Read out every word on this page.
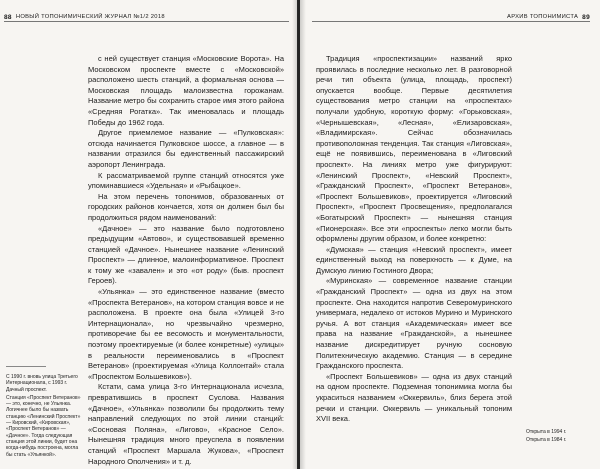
88 НОВЫЙ ТОПОНИМИЧЕСКИЙ ЖУРНАЛ №1/2 2018

с ней существует станция «Московские Ворота». На Московском проспекте вместе с «Московской» расположено шесть станций, а формальная основа — Московская площадь малоизвестна горожанам. Название метро бы сохранить старое имя этого района «Средняя Рогатка». Так именовалась и площадь Победы до 1962 года.

Другое приемлемое название — «Пулковская»: отсюда начинается Пулковское шоссе, а главное — в названии отразился бы единственный пассажирский аэропорт Ленинграда.

К рассматриваемой группе станций относятся уже упоминавшиеся «Удельная» и «Рыбацкое».

На этом перечень топонимов, образованных от городских районов кончается, хотя он должен был бы продолжиться рядом наименований:

«Дачное» — это название было подготовлено предыдущим «Автово», и существовавшей временно станцией «Дачное». Нынешнее название «Ленинский Проспект» — длинное, малоинформативное. Проспект к тому же «завален» и это «от роду» (быв. проспект Героев).

«Ульянка» — это единственное название (вместо «Проспекта Ветеранов», на котором станция вовсе и не расположена. В проекте она была «Улицей 3-го Интернационала», но чрезвычайно чрезмерно, противоречие бы ее весомость и монументальности, поэтому проектируемые (и более конкретные) «улицы» в реальности переименовались в «Проспект Ветеранов» (проектируемая «Улица Коллонтай» стала «Проспектом Большевиков»).

Кстати, сама улица 3-го Интернационала исчезла, превратившись в проспект Суслова. Названия «Дачное», «Ульянка» позволили бы продолжить тему направлений следующих по этой линии станций: «Сосновая Поляна», «Лигово», «Красное Село». Нынешняя традиция много преуспела в появлении станций «Проспект Маршала Жукова», «Проспект Народного Ополчения» и т. д.

С 1990 г. вновь улица Третьего Интернационала, с 1993 г. Дачный проспект.

Станция «Проспект Ветеранов» — это, конечно, не Ульянка. Логичнее было бы назвать станцию «Ленинский Проспект» — Кировский, «Кировская», «Проспект Ветеранов» — «Дачное». Тогда следующая станция этой линии, будет она когда-нибудь построена, могла бы стать «Ульянкой».

АРХИВ ТОПОНИМИСТА 89

Традиция «проспектизации» названий ярко проявилась в последние несколько лет. В разговорной речи тип объекта (улица, площадь, проспект) опускается вообще. Первые десятилетия существования метро станции на «проспектах» получали удобную, короткую форму: «Горьковская», «Чернышевская», «Лесная», «Елизаровская», «Владимирская». Сейчас обозначилась противоположная тенденция. Так станция «Лиговская», ещё не появившись, переименована в «Лиговский проспект». На линиях метро уже фигурируют: «Ленинский Проспект», «Невский Проспект», «Гражданский Проспект», «Проспект Ветеранов», «Проспект Большевиков», проектируется «Лиговский Проспект», «Проспект Просвещения», предполагался «Богатырский Проспект» — нынешняя станция «Пионерская». Все эти «проспекты» легко могли быть оформлены другим образом, и более конкретно:

«Думская» — станция «Невский проспект», имеет единственный выход на поверхность — к Думе, на Думскую линию Гостиного Двора;

«Муринская» — современное название станции «Гражданский Проспект» — одна из двух на этом проспекте. Она находится напротив Северомуринского универмага, недалеко от истоков Мурино и Муринского ручья. А вот станция «Академическая» имеет все права на название «Гражданской», а нынешнее название дискредитирует ручную сосновую Политехническую академию. Станция — в середине Гражданского проспекта.

«Проспект Большевиков» — одна из двух станций на одном проспекте. Подземная топонимика могла бы украситься названием «Оккервиль», близ берега этой речки и станции. Оккервиль — уникальный топоним XVII века.

Открыта в 1994 г.

Открыта в 1984 г.
